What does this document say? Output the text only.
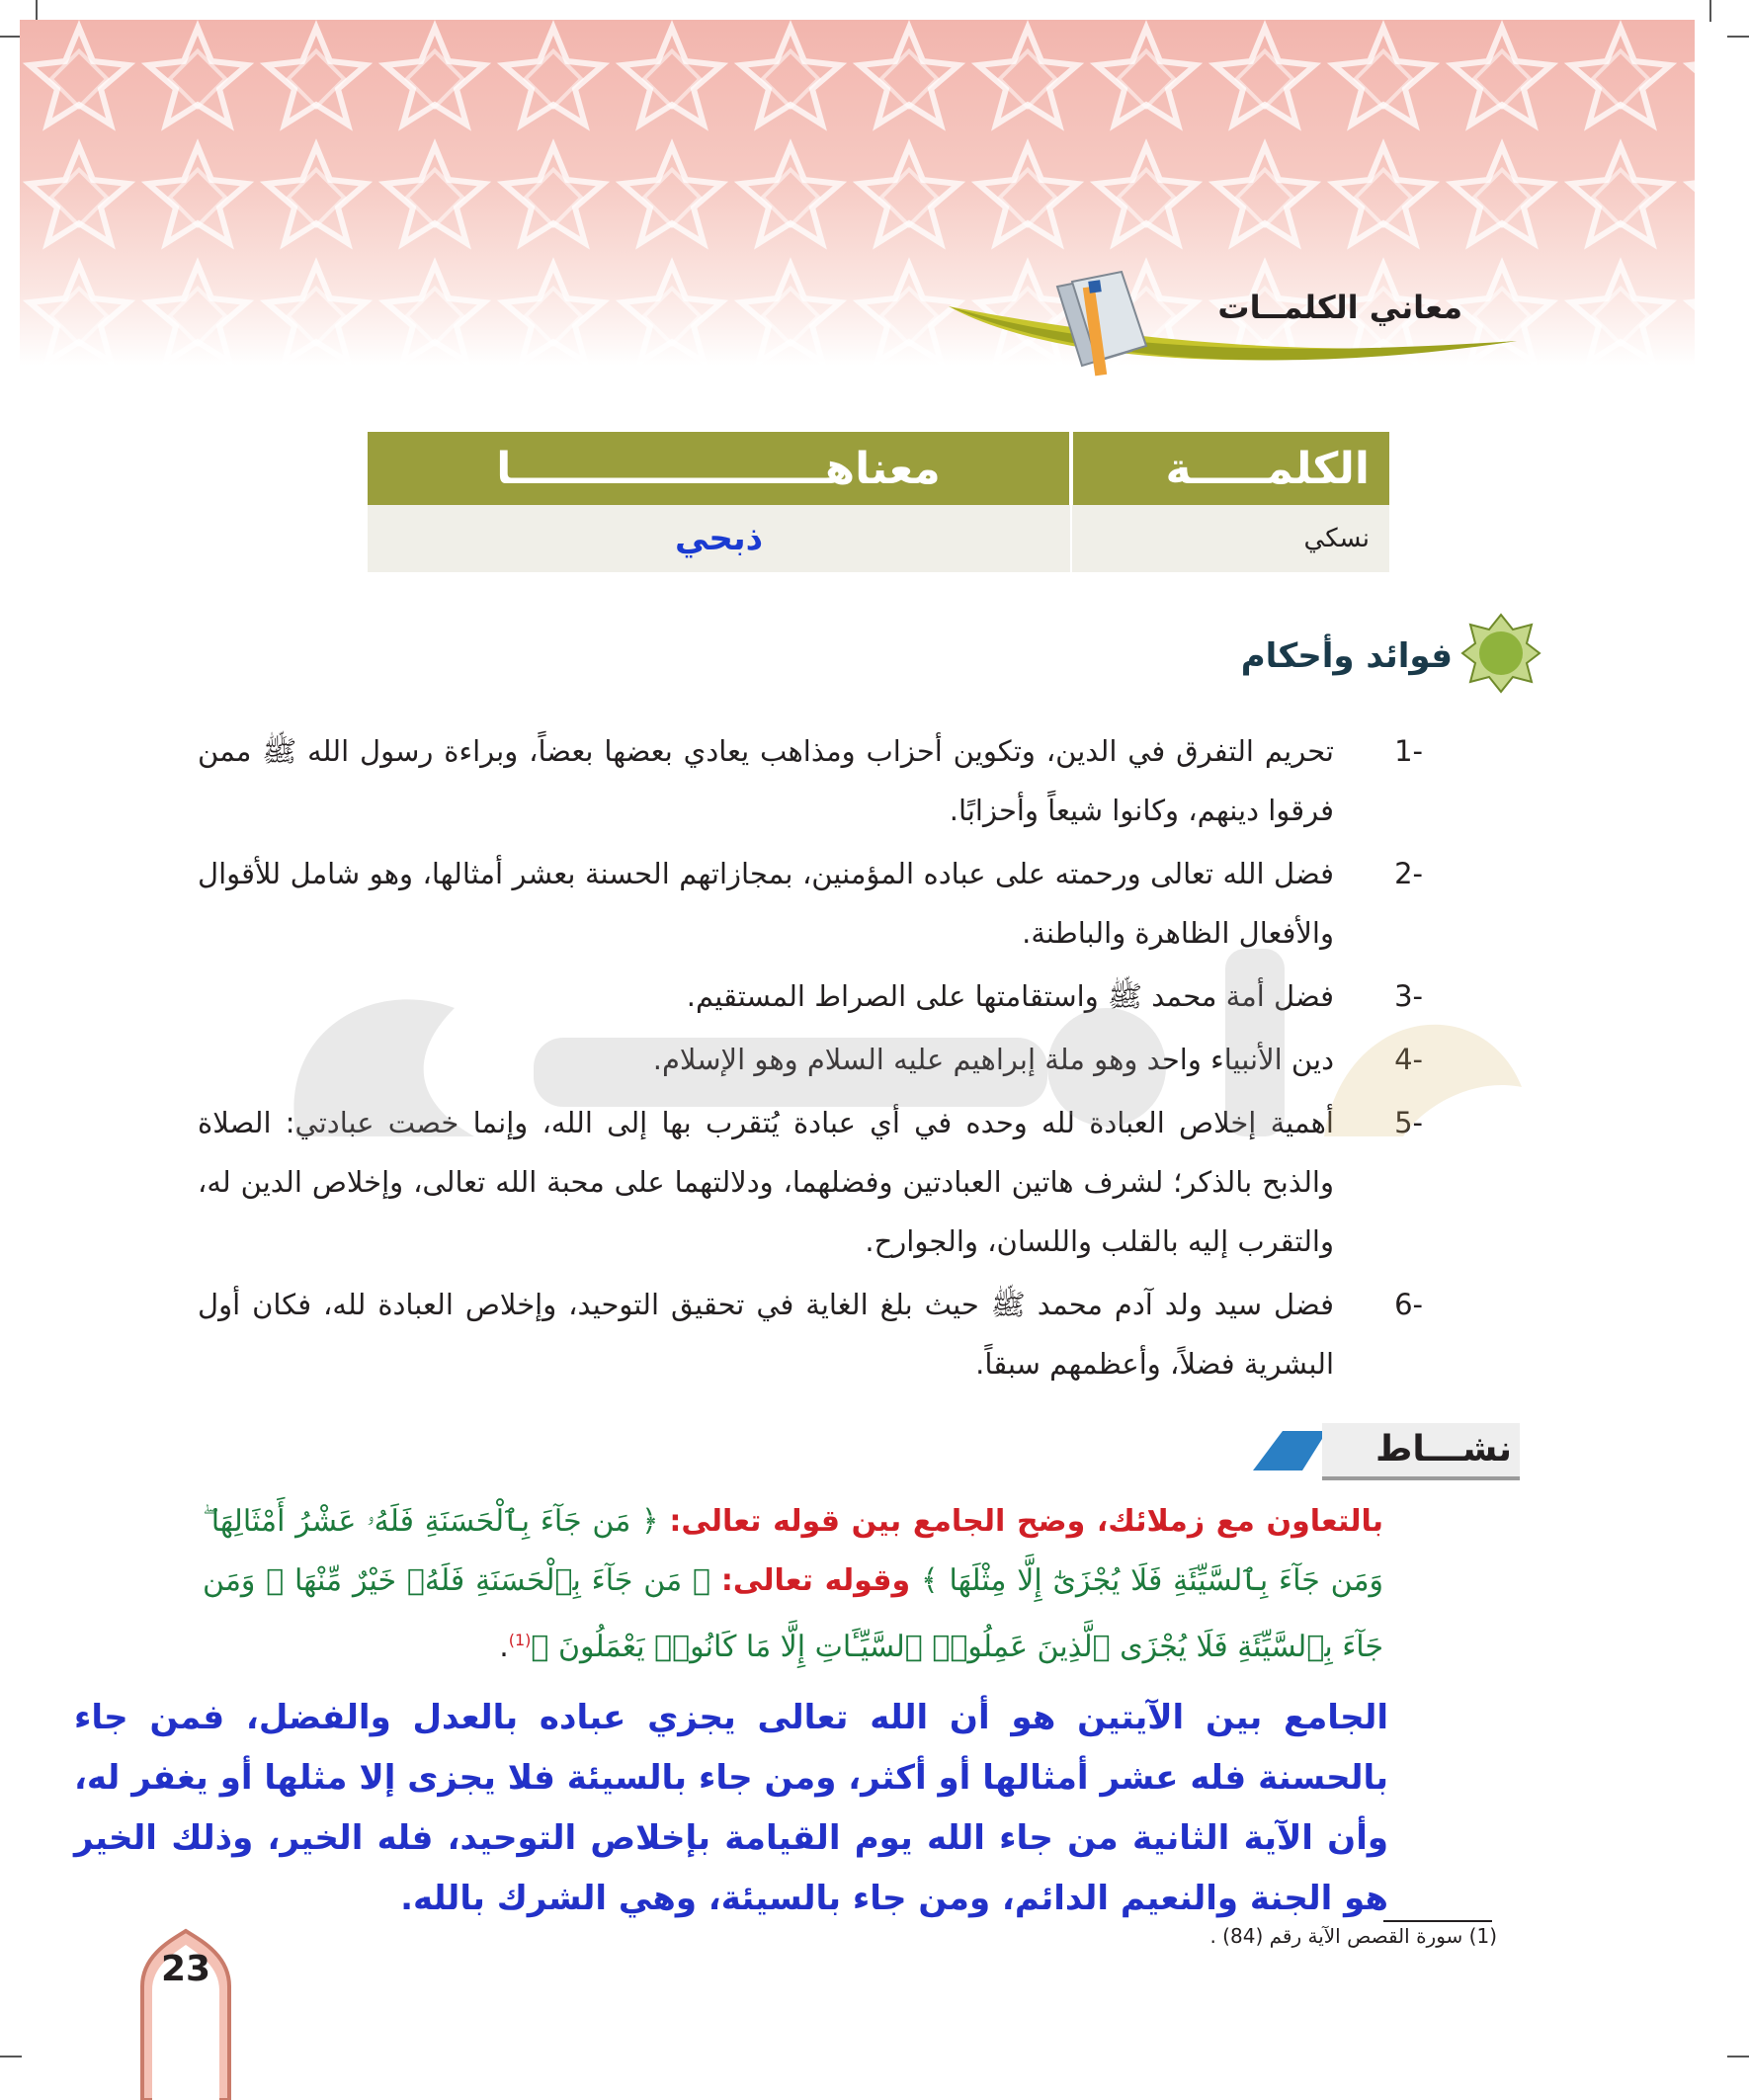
معاني الكلمــات
الكلمـــــة	معناهـــــــــــــــــــــا
نسكي	ذبحي
فوائد وأحكام
1-
تحريم التفرق في الدين، وتكوين أحزاب ومذاهب يعادي بعضها بعضاً، وبراءة رسول الله ﷺ ممن فرقوا دينهم، وكانوا شيعاً وأحزابًا.
2-
فضل الله تعالى ورحمته على عباده المؤمنين، بمجازاتهم الحسنة بعشر أمثالها، وهو شامل للأقوال والأفعال الظاهرة والباطنة.
3-
فضل أمة محمد ﷺ واستقامتها على الصراط المستقيم.
4-
دين الأنبياء واحد وهو ملة إبراهيم عليه السلام وهو الإسلام.
5-
أهمية إخلاص العبادة لله وحده في أي عبادة يُتقرب بها إلى الله، وإنما خصت عبادتي: الصلاة والذبح بالذكر؛ لشرف هاتين العبادتين وفضلهما، ودلالتهما على محبة الله تعالى، وإخلاص الدين له، والتقرب إليه بالقلب واللسان، والجوارح.
6-
فضل سيد ولد آدم محمد ﷺ حيث بلغ الغاية في تحقيق التوحيد، وإخلاص العبادة لله، فكان أول البشرية فضلاً، وأعظمهم سبقاً.
نشـــاط
بالتعاون مع زملائك، وضح الجامع بين قوله تعالى: ﴿ مَن جَآءَ بِٱلْحَسَنَةِ فَلَهُۥ عَشْرُ أَمْثَالِهَا ۖ وَمَن جَآءَ بِٱلسَّيِّئَةِ فَلَا يُجْزَىٰٓ إِلَّا مِثْلَهَا ﴾ وقوله تعالى: ﴿ مَن جَآءَ بِٱلْحَسَنَةِ فَلَهُۥ خَيْرٌ مِّنْهَا ۖ وَمَن جَآءَ بِٱلسَّيِّئَةِ فَلَا يُجْزَى ٱلَّذِينَ عَمِلُوا۟ ٱلسَّيِّـَٔاتِ إِلَّا مَا كَانُوا۟ يَعْمَلُونَ ﴾$^{(1)}$.
الجامع بين الآيتين هو أن الله تعالى يجزي عباده بالعدل والفضل، فمن جاء بالحسنة فله عشر أمثالها أو أكثر، ومن جاء بالسيئة فلا يجزى إلا مثلها أو يغفر له، وأن الآية الثانية من جاء الله يوم القيامة بإخلاص التوحيد، فله الخير، وذلك الخير هو الجنة والنعيم الدائم، ومن جاء بالسيئة، وهي الشرك بالله.
(1) سورة القصص الآية رقم (84) .
23
